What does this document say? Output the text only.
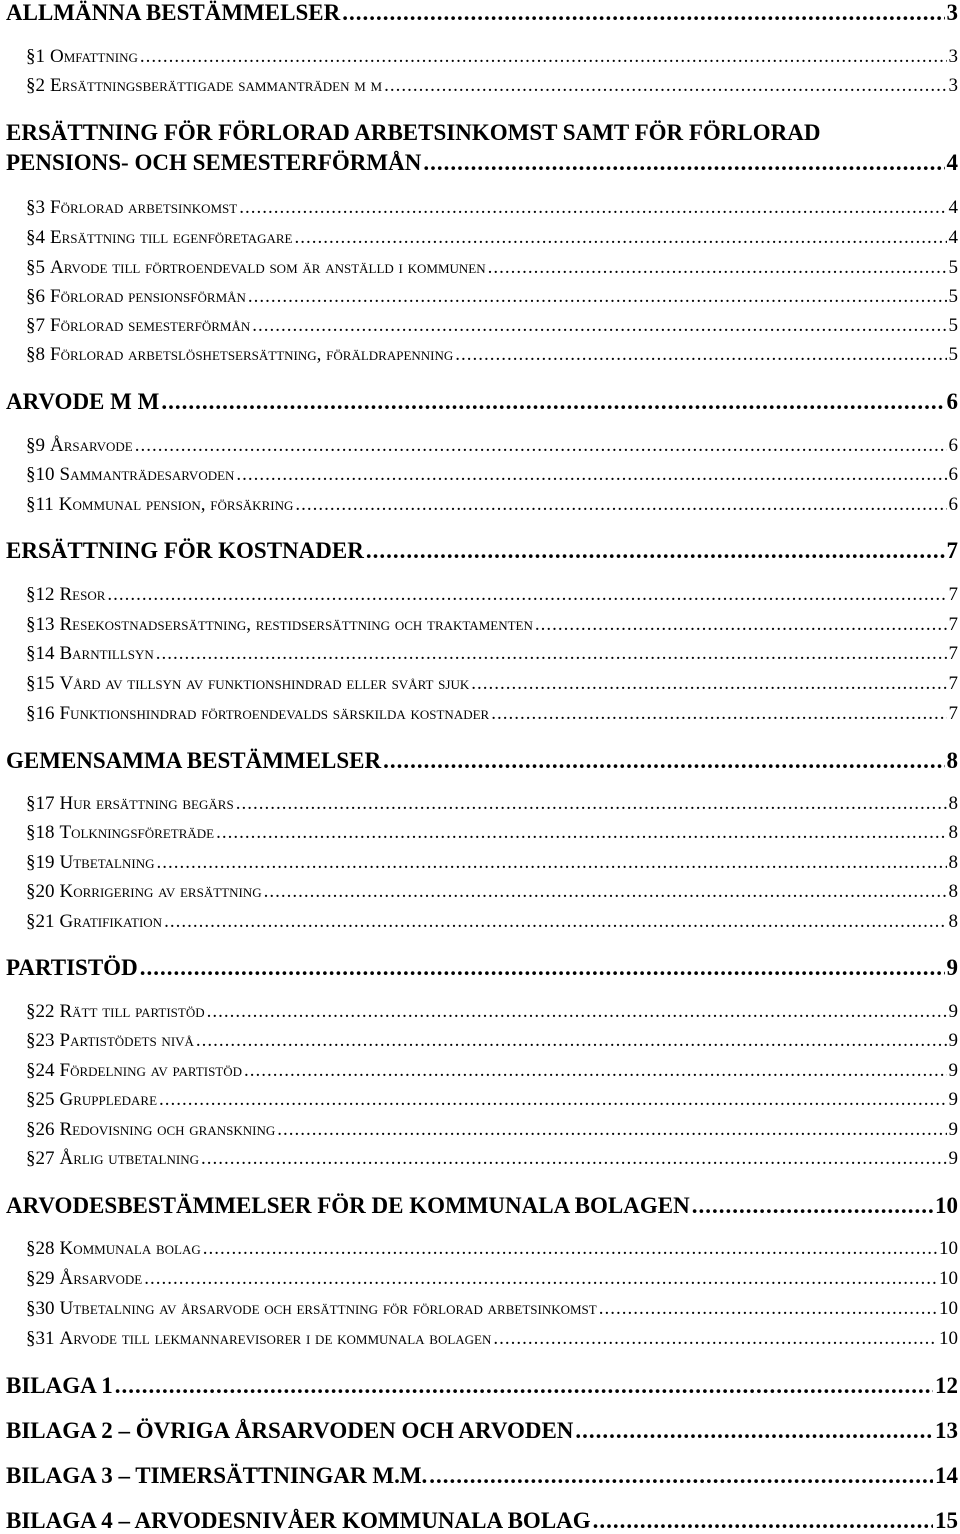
ALLMÄNNA BESTÄMMELSER .....	3
§ 1 Omfattning .....	3
§ 2 Ersättningsberättigade sammanträden m m .....	3
ERSÄTTNING FÖR FÖRLORAD ARBETSINKOMST SAMT FÖR FÖRLORAD
PENSIONS- OCH SEMESTERFÖRMÅN .....	4
§ 3 Förlorad arbetsinkomst .....	4
§ 4 Ersättning till egenföretagare .....	4
§ 5 Arvode till förtroendevald som är anställd i kommunen .....	5
§ 6 Förlorad pensionsförmån .....	5
§ 7 Förlorad semesterförmån .....	5
§ 8 Förlorad arbetslöshetsersättning, föräldrapenning .....	5
ARVODE M M .....	6
§ 9 Årsarvode .....	6
§ 10 Sammanträdesarvoden .....	6
§ 11 Kommunal pension, försäkring .....	6
ERSÄTTNING FÖR KOSTNADER .....	7
§ 12 Resor .....	7
§ 13 Resekostnadsersättning, restidsersättning och traktamenten .....	7
§ 14 Barntillsyn .....	7
§ 15 Vård av tillsyn av funktionshindrad eller svårt sjuk .....	7
§ 16 Funktionshindrad förtroendevalds särskilda kostnader .....	7
GEMENSAMMA BESTÄMMELSER .....	8
§ 17 Hur ersättning begärs .....	8
§ 18 Tolkningsföreträde .....	8
§ 19 Utbetalning .....	8
§ 20 Korrigering av ersättning .....	8
§ 21 Gratifikation .....	8
PARTISTÖD .....	9
§ 22 Rätt till partistöd .....	9
§ 23 Partistödets nivå .....	9
§ 24 Fördelning av partistöd .....	9
§ 25 Gruppledare .....	9
§ 26 Redovisning och granskning .....	9
§ 27 Årlig utbetalning .....	9
ARVODESBESTÄMMELSER FÖR DE KOMMUNALA BOLAGEN .....	10
§ 28 Kommunala bolag .....	10
§ 29 Årsarvode .....	10
§ 30 Utbetalning av årsarvode och ersättning för förlorad arbetsinkomst .....	10
§ 31 Arvode till lekmannarevisorer i de kommunala bolagen .....	10
BILAGA 1 .....	12
BILAGA 2 – ÖVRIGA ÅRSARVODEN OCH ARVODEN .....	13
BILAGA 3 – TIMERSÄTTNINGAR M.M. .....	14
BILAGA 4 – ARVODESNIVÅER KOMMUNALA BOLAG .....	15
